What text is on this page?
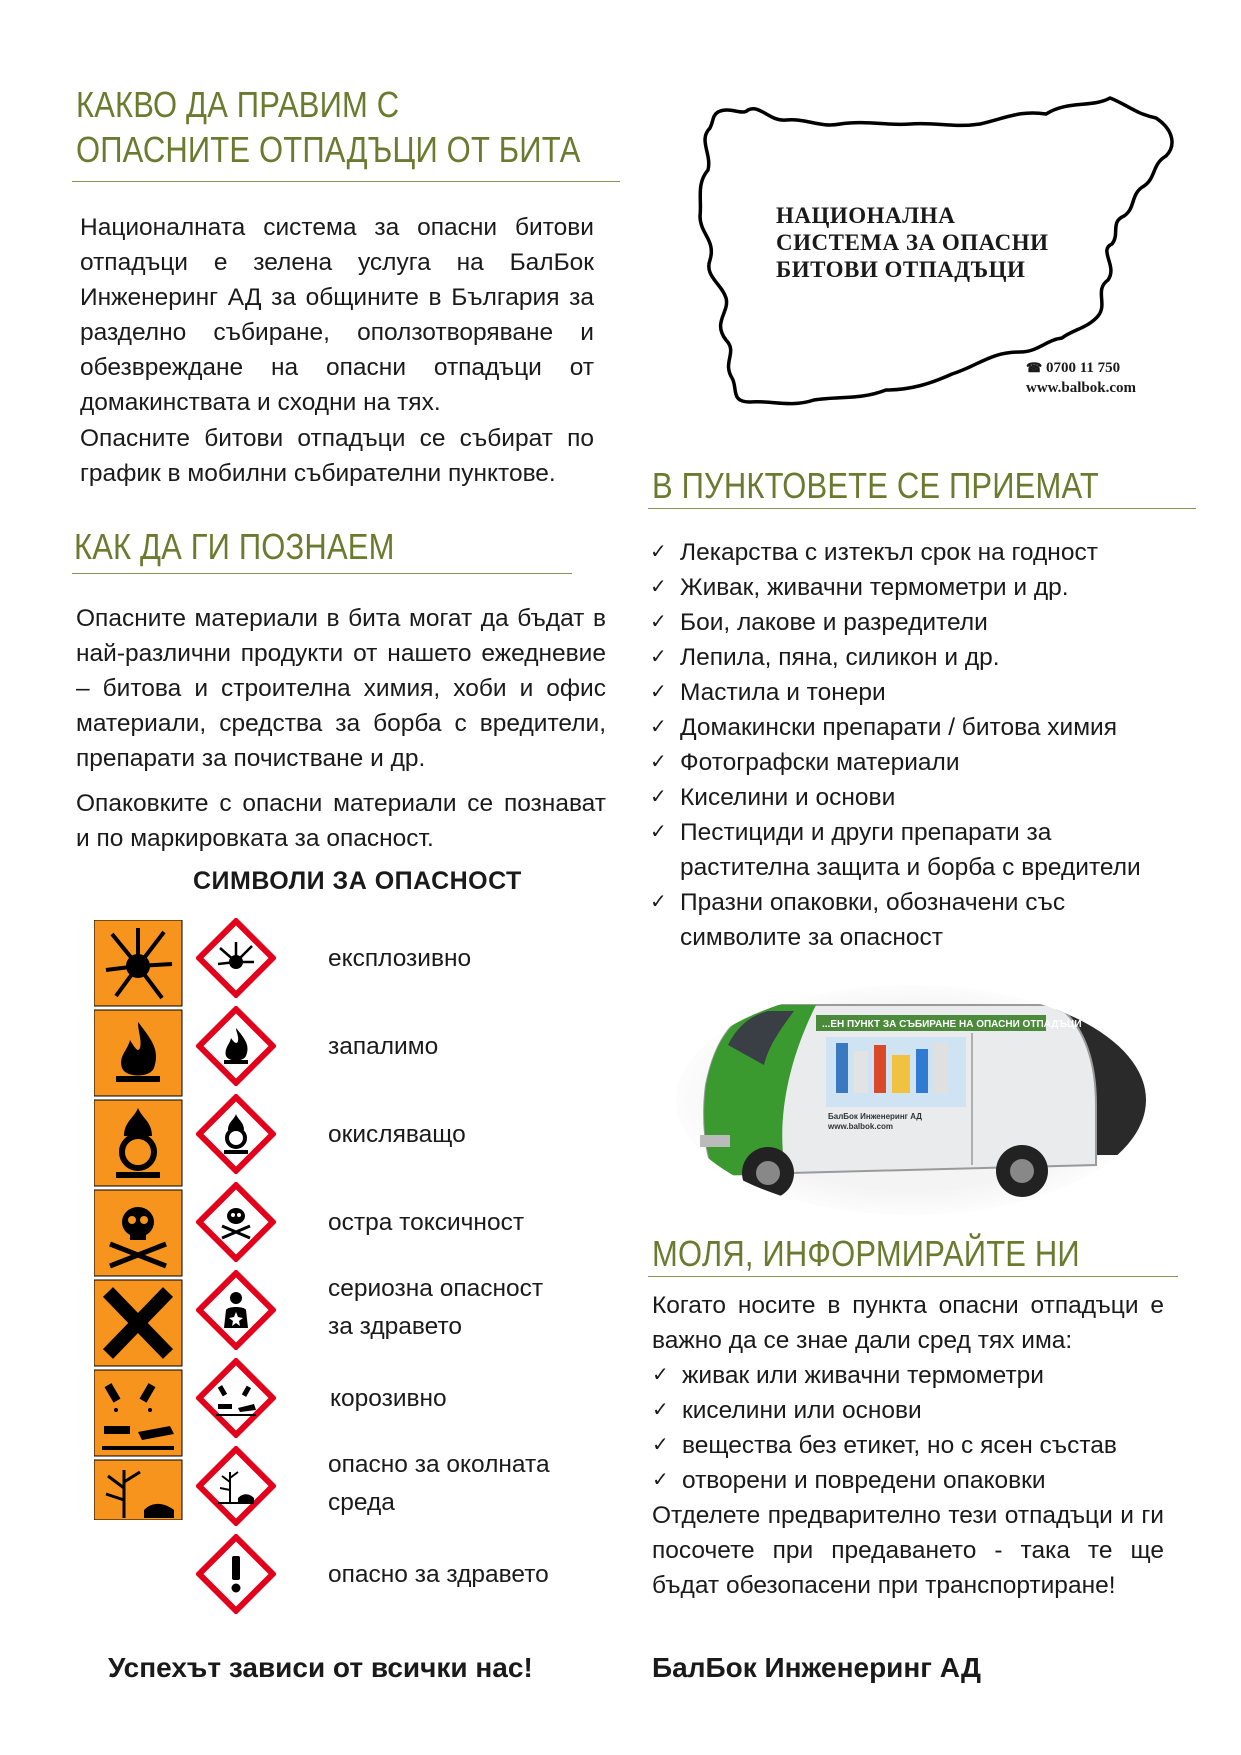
КАКВО ДА ПРАВИМ С
ОПАСНИТЕ ОТПАДЪЦИ ОТ БИТА
Националната система за опасни битови отпадъци е зелена услуга на БалБок Инженеринг АД за общините в България за разделно събиране, оползотворяване и обезвреждане на опасни отпадъци от домакинствата и сходни на тях.
Опасните битови отпадъци се събират по график в мобилни събирателни пунктове.
КАК ДА ГИ ПОЗНАЕМ
Опасните материали в бита могат да бъдат в най-различни продукти от нашето ежедневие – битова и строителна химия, хоби и офис материали, средства за борба с вредители, препарати за почистване и др.
Опаковките с опасни материали се познават и по маркировката за опасност.
СИМВОЛИ ЗА ОПАСНОСТ
експлозивно
запалимо
окисляващо
остра токсичност
сериозна опасност
за здравето
корозивно
опасно за околната
среда
опасно за здравето
Успехът зависи от всички нас!
НАЦИОНАЛНА
СИСТЕМА ЗА ОПАСНИ
БИТОВИ ОТПАДЪЦИ
☎ 0700 11 750
www.balbok.com
В ПУНКТОВЕТЕ СЕ ПРИЕМАТ
✓ Лекарства с изтекъл срок на годност
✓ Живак, живачни термометри и др.
✓ Бои, лакове и разредители
✓ Лепила, пяна, силикон и др.
✓ Мастила и тонери
✓ Домакински препарати / битова химия
✓ Фотографски материали
✓ Киселини и основи
✓ Пестициди и други препарати за растителна защита и борба с вредители
✓ Празни опаковки, обозначени със символите за опасност
...ЕН ПУНКТ ЗА СЪБИРАНЕ НА ОПАСНИ ОТПАДЪЦИ
БалБок Инженеринг АД
www.balbok.com
МОЛЯ, ИНФОРМИРАЙТЕ НИ
Когато носите в пункта опасни отпадъци е важно да се знае дали сред тях има:
✓ живак или живачни термометри
✓ киселини или основи
✓ вещества без етикет, но с ясен състав
✓ отворени и повредени опаковки
Отделете предварително тези отпадъци и ги посочете при предаването - така те ще бъдат обезопасени при транспортиране!
БалБок Инженеринг АД
